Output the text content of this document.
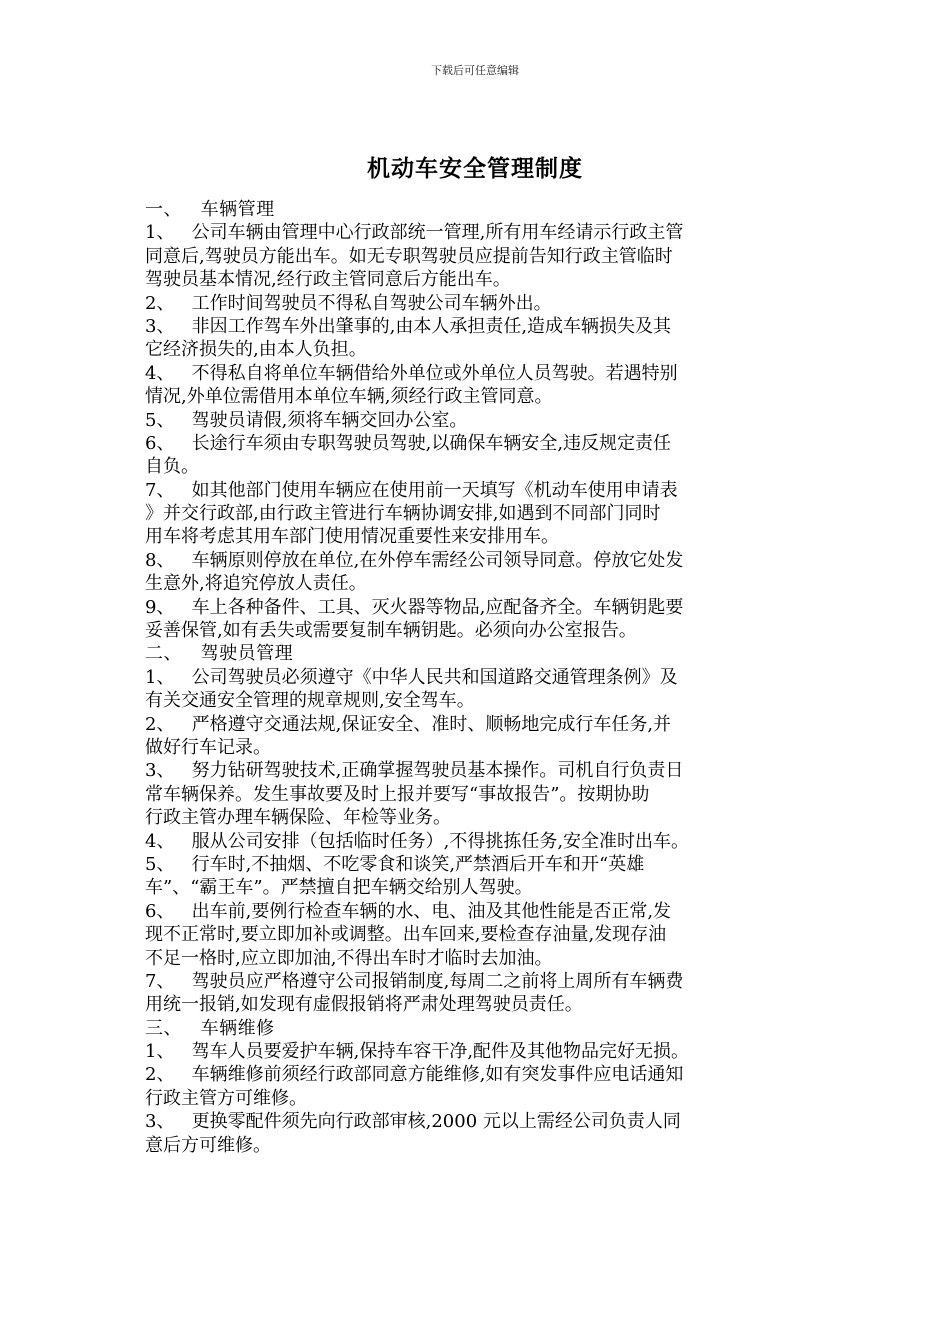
下载后可任意编辑
机动车安全管理制度
一、   车辆管理
1、   公司车辆由管理中心行政部统一管理,所有用车经请示行政主管
同意后,驾驶员方能出车。如无专职驾驶员应提前告知行政主管临时
驾驶员基本情况,经行政主管同意后方能出车。
2、   工作时间驾驶员不得私自驾驶公司车辆外出。
3、   非因工作驾车外出肇事的,由本人承担责任,造成车辆损失及其
它经济损失的,由本人负担。
4、   不得私自将单位车辆借给外单位或外单位人员驾驶。若遇特别
情况,外单位需借用本单位车辆,须经行政主管同意。
5、   驾驶员请假,须将车辆交回办公室。
6、   长途行车须由专职驾驶员驾驶,以确保车辆安全,违反规定责任
自负。
7、   如其他部门使用车辆应在使用前一天填写《机动车使用申请表
》并交行政部,由行政主管进行车辆协调安排,如遇到不同部门同时
用车将考虑其用车部门使用情况重要性来安排用车。
8、   车辆原则停放在单位,在外停车需经公司领导同意。停放它处发
生意外,将追究停放人责任。
9、   车上各种备件、工具、灭火器等物品,应配备齐全。车辆钥匙要
妥善保管,如有丢失或需要复制车辆钥匙。必须向办公室报告。
二、   驾驶员管理
1、   公司驾驶员必须遵守《中华人民共和国道路交通管理条例》及
有关交通安全管理的规章规则,安全驾车。
2、   严格遵守交通法规,保证安全、准时、顺畅地完成行车任务,并
做好行车记录。
3、   努力钻研驾驶技术,正确掌握驾驶员基本操作。司机自行负责日
常车辆保养。发生事故要及时上报并要写“事故报告”。按期协助
行政主管办理车辆保险、年检等业务。
4、   服从公司安排（包括临时任务）,不得挑拣任务,安全准时出车。
5、   行车时,不抽烟、不吃零食和谈笑,严禁酒后开车和开“英雄
车”、“霸王车”。严禁擅自把车辆交给别人驾驶。
6、   出车前,要例行检查车辆的水、电、油及其他性能是否正常,发
现不正常时,要立即加补或调整。出车回来,要检查存油量,发现存油
不足一格时,应立即加油,不得出车时才临时去加油。
7、   驾驶员应严格遵守公司报销制度,每周二之前将上周所有车辆费
用统一报销,如发现有虚假报销将严肃处理驾驶员责任。
三、   车辆维修
1、   驾车人员要爱护车辆,保持车容干净,配件及其他物品完好无损。
2、   车辆维修前须经行政部同意方能维修,如有突发事件应电话通知
行政主管方可维修。
3、   更换零配件须先向行政部审核,2000 元以上需经公司负责人同
意后方可维修。
